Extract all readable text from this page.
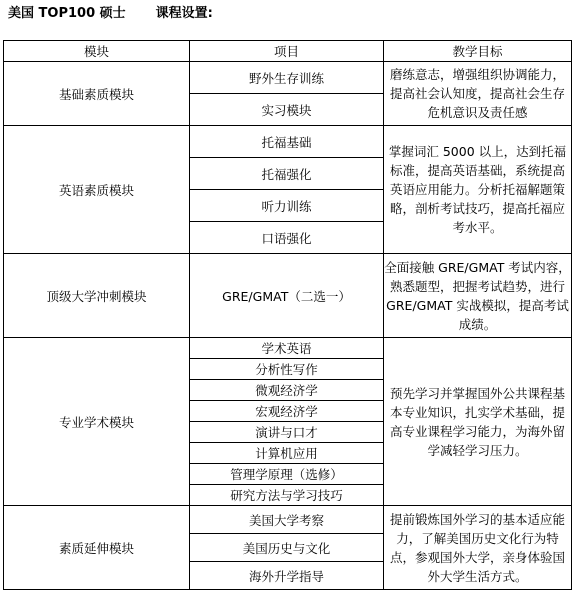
美国 TOP100 硕士 课程设置:
模块	项目	教学目标
基础素质模块	野外生存训练	磨练意志，增强组织协调能力，提高社会认知度，提高社会生存危机意识及责任感
	实习模块	
英语素质模块	托福基础	掌握词汇 5000 以上，达到托福标准，提高英语基础，系统提高英语应用能力。分析托福解题策略，剖析考试技巧，提高托福应考水平。
	托福强化	
	听力训练	
	口语强化	
顶级大学冲刺模块	GRE/GMAT（二选一）	全面接触 GRE/GMAT 考试内容，熟悉题型，把握考试趋势，进行 GRE/GMAT 实战模拟，提高考试成绩。
专业学术模块	学术英语	预先学习并掌握国外公共课程基本专业知识，扎实学术基础，提高专业课程学习能力，为海外留学减轻学习压力。
	分析性写作	
	微观经济学	
	宏观经济学	
	演讲与口才	
	计算机应用	
	管理学原理（选修）	
	研究方法与学习技巧	
素质延伸模块	美国大学考察	提前锻炼国外学习的基本适应能力，了解美国历史文化行为特点，参观国外大学，亲身体验国外大学生活方式。
	美国历史与文化	
	海外升学指导	
